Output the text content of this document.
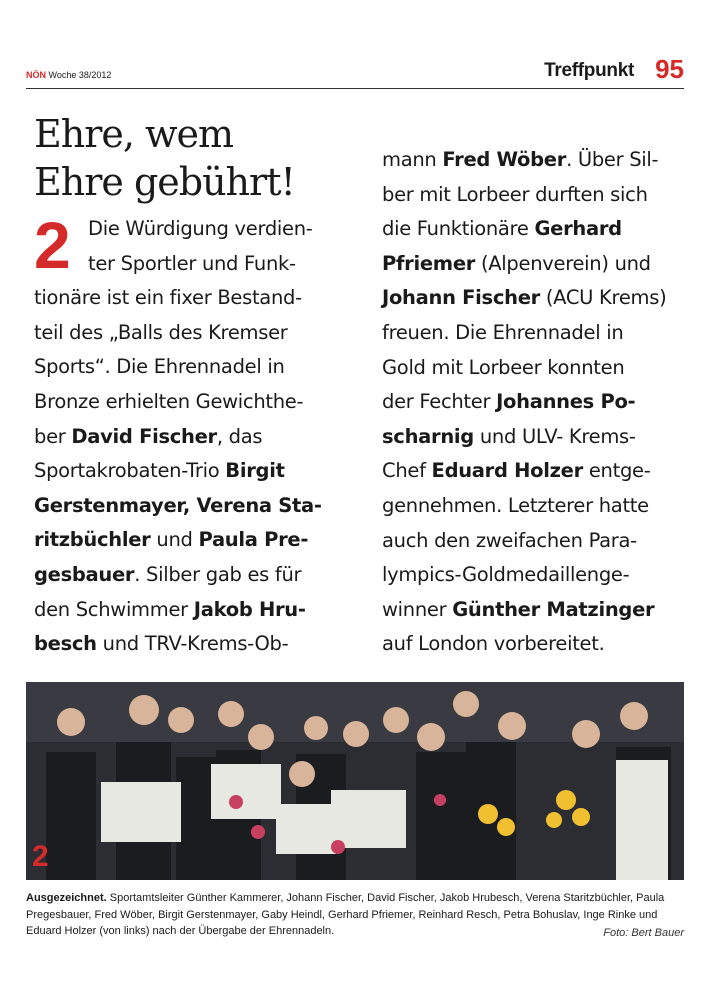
NÖN Woche 38/2012	Treffpunkt 95
Ehre, wem
Ehre gebührt!
2 Die Würdigung verdien-
ter Sportler und Funk-
tionäre ist ein fixer Bestand-
teil des „Balls des Kremser
Sports“. Die Ehrennadel in
Bronze erhielten Gewichthe-
ber David Fischer, das
Sportakrobaten-Trio Birgit
Gerstenmayer, Verena Sta-
ritzbüchler und Paula Pre-
gesbauer. Silber gab es für
den Schwimmer Jakob Hru-
besch und TRV-Krems-Ob-
mann Fred Wöber. Über Sil-
ber mit Lorbeer durften sich
die Funktionäre Gerhard
Pfriemer (Alpenverein) und
Johann Fischer (ACU Krems)
freuen. Die Ehrennadel in
Gold mit Lorbeer konnten
der Fechter Johannes Po-
scharnig und ULV- Krems-
Chef Eduard Holzer entge-
gennehmen. Letzterer hatte
auch den zweifachen Para-
lympics-Goldmedaillenge-
winner Günther Matzinger
auf London vorbereitet.
2
Ausgezeichnet. Sportamtsleiter Günther Kammerer, Johann Fischer, David Fischer, Jakob Hrubesch, Verena Staritzbüchler, Paula Pregesbauer, Fred Wöber, Birgit Gerstenmayer, Gaby Heindl, Gerhard Pfriemer, Reinhard Resch, Petra Bohuslav, Inge Rinke und Eduard Holzer (von links) nach der Übergabe der Ehrennadeln.	Foto: Bert Bauer
